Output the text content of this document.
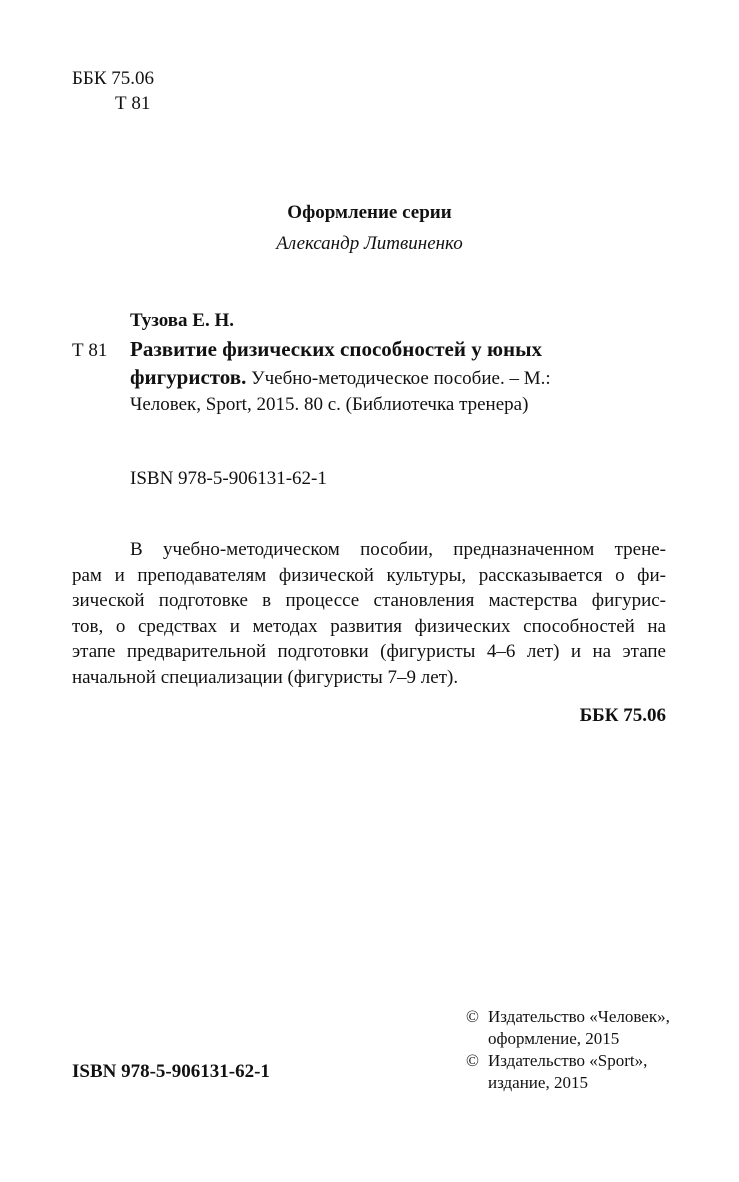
ББК 75.06
Т 81
Оформление серии
Александр Литвиненко
Тузова Е. Н.
Т 81 Развитие физических способностей у юных
фигуристов. Учебно-методическое пособие. – М.:
Человек, Sport, 2015. 80 с. (Библиотечка тренера)
ISBN 978-5-906131-62-1
В учебно-методическом пособии, предназначенном трене-
рам и преподавателям физической культуры, рассказывается о фи-
зической подготовке в процессе становления мастерства фигурис-
тов, о средствах и методах развития физических способностей на
этапе предварительной подготовки (фигуристы 4–6 лет) и на этапе
начальной специализации (фигуристы 7–9 лет).
ББК 75.06
© Издательство «Человек»,
оформление, 2015
© Издательство «Sport»,
издание, 2015
ISBN 978-5-906131-62-1
